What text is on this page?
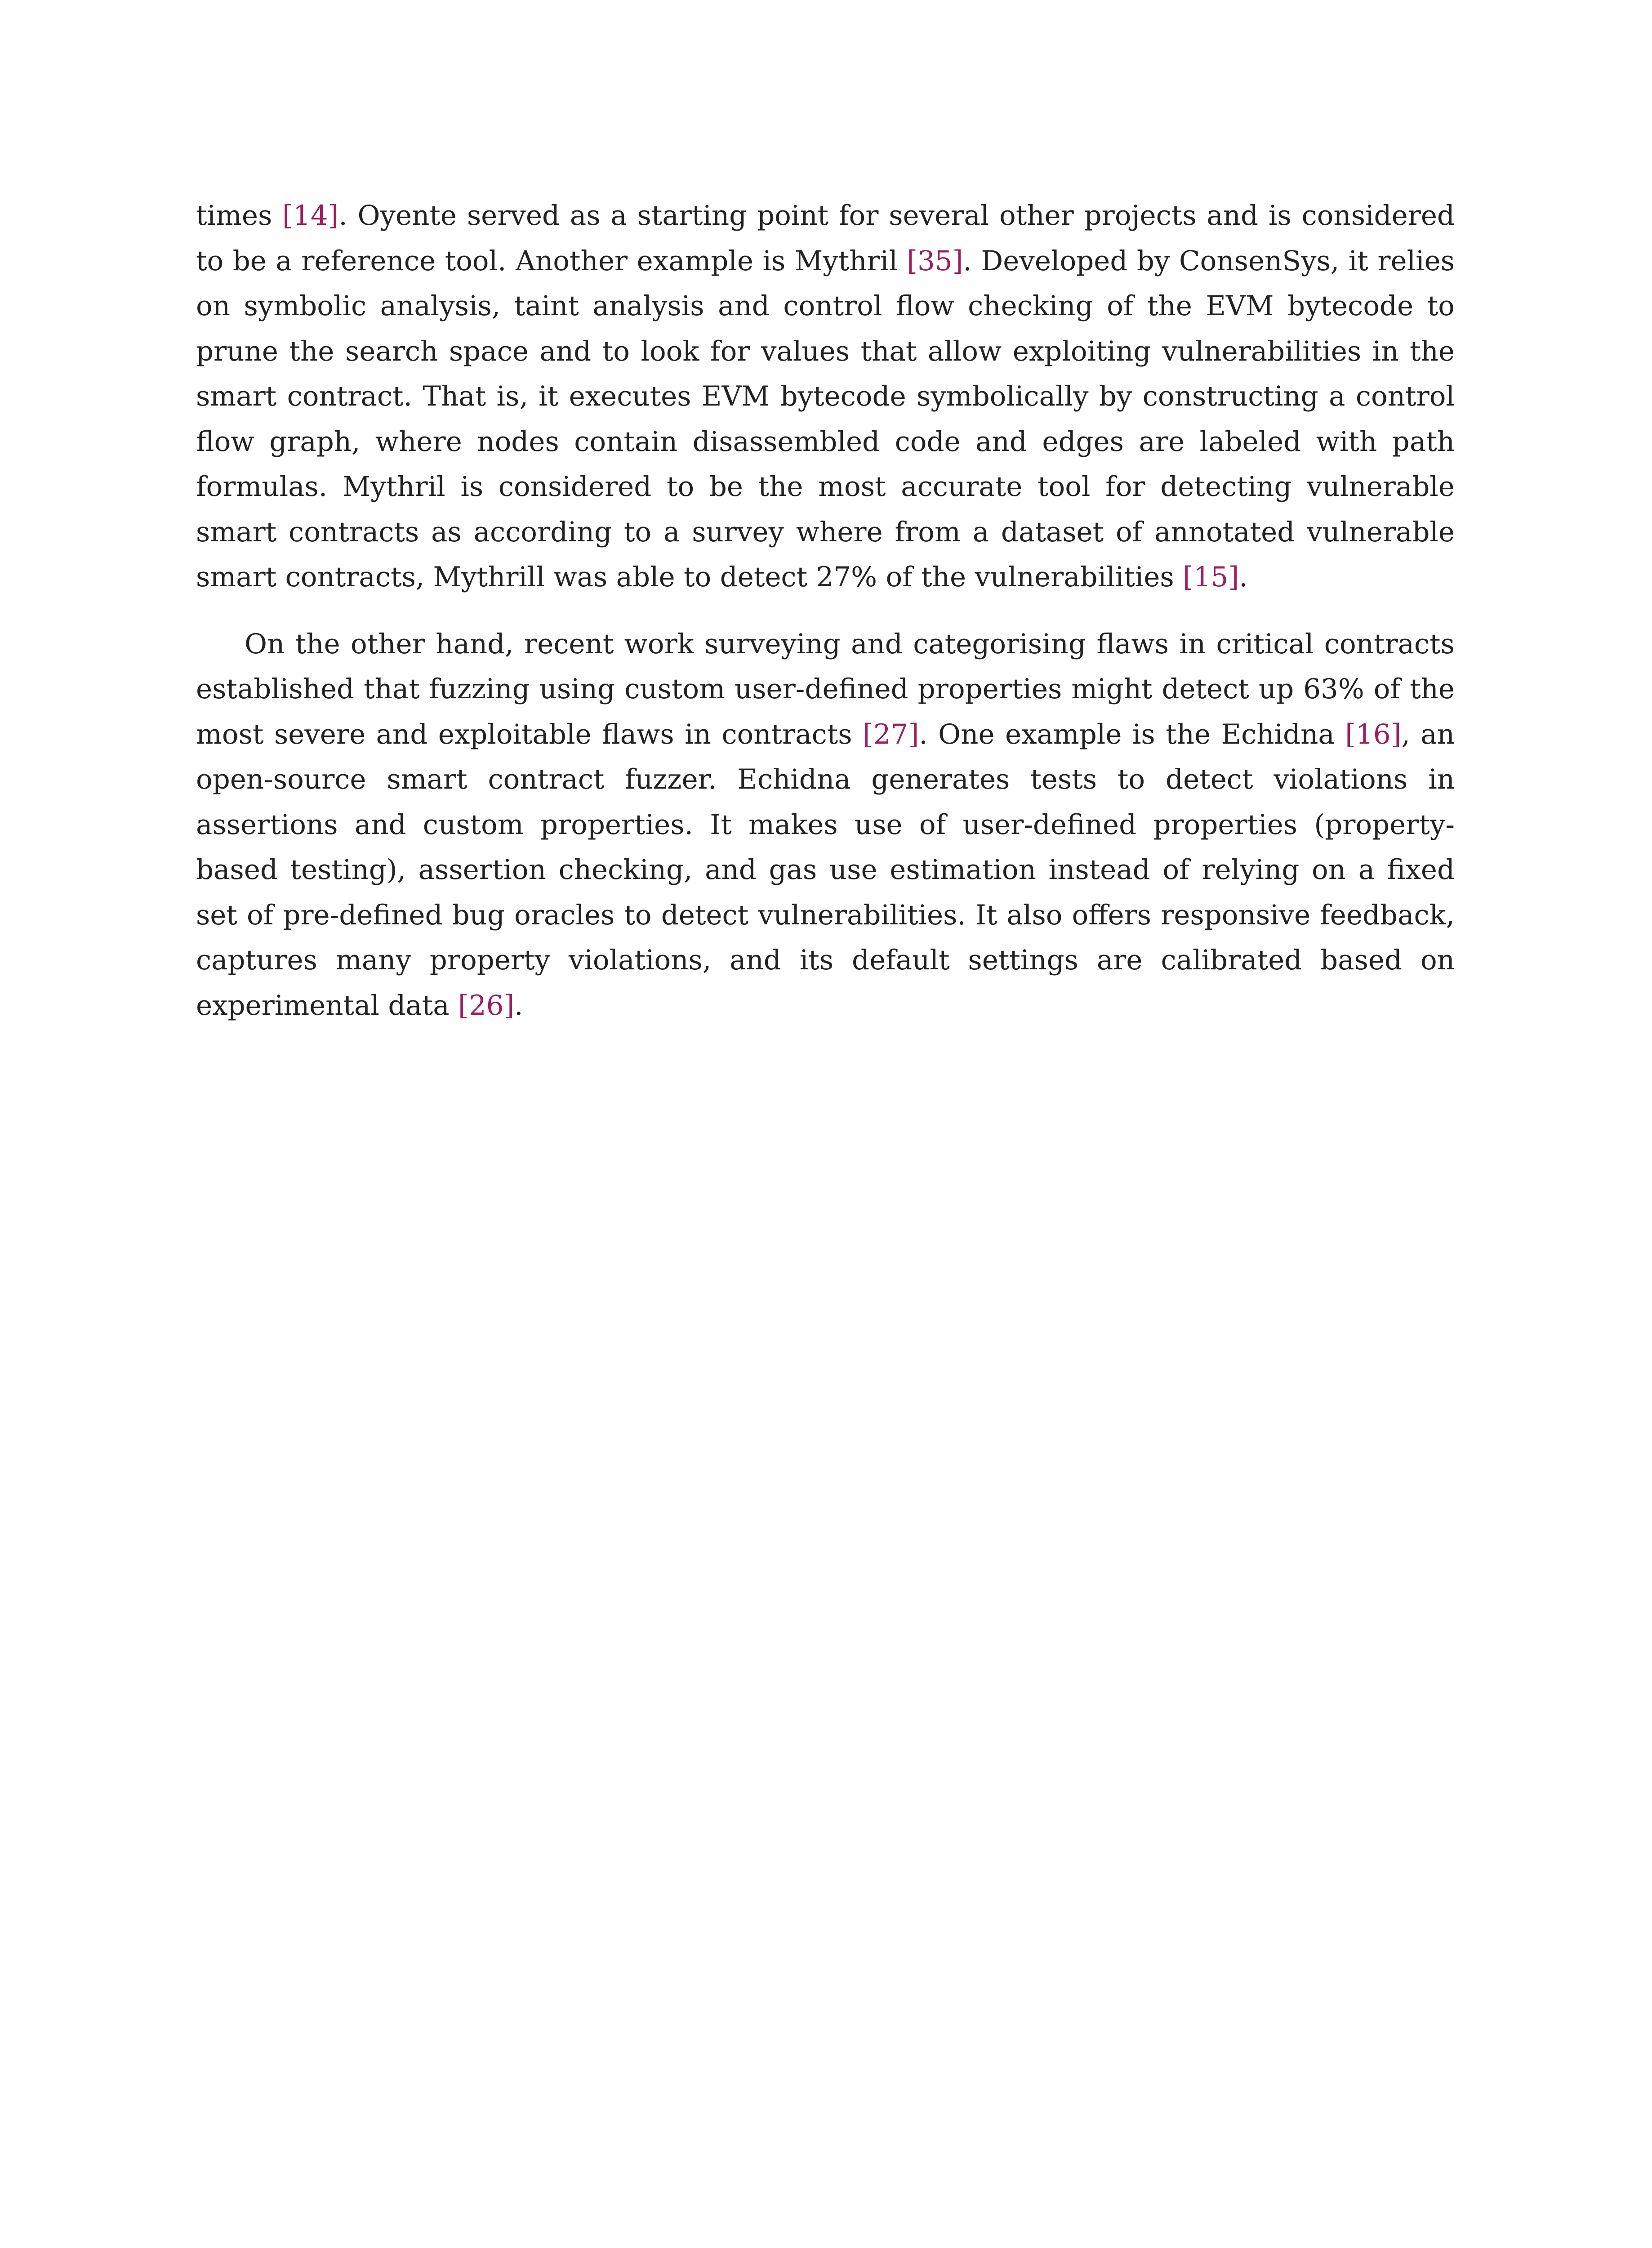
times [14]. Oyente served as a starting point for several other projects and is considered to be a reference tool. Another example is Mythril [35]. Developed by ConsenSys, it relies on symbolic analysis, taint analysis and control flow checking of the EVM bytecode to prune the search space and to look for values that allow exploiting vulnerabilities in the smart contract. That is, it executes EVM bytecode symbolically by constructing a control flow graph, where nodes contain disassembled code and edges are labeled with path formulas. Mythril is considered to be the most accurate tool for detecting vulnerable smart contracts as according to a survey where from a dataset of annotated vulnerable smart contracts, Mythrill was able to detect 27% of the vulnerabilities [15].

On the other hand, recent work surveying and categorising flaws in critical contracts established that fuzzing using custom user-defined properties might detect up 63% of the most severe and exploitable flaws in contracts [27]. One example is the Echidna [16], an open-source smart contract fuzzer. Echidna generates tests to detect violations in assertions and custom properties. It makes use of user-defined properties (property-based testing), assertion checking, and gas use estimation instead of relying on a fixed set of pre-defined bug oracles to detect vulnerabilities. It also offers responsive feedback, captures many property violations, and its default settings are calibrated based on experimental data [26].
